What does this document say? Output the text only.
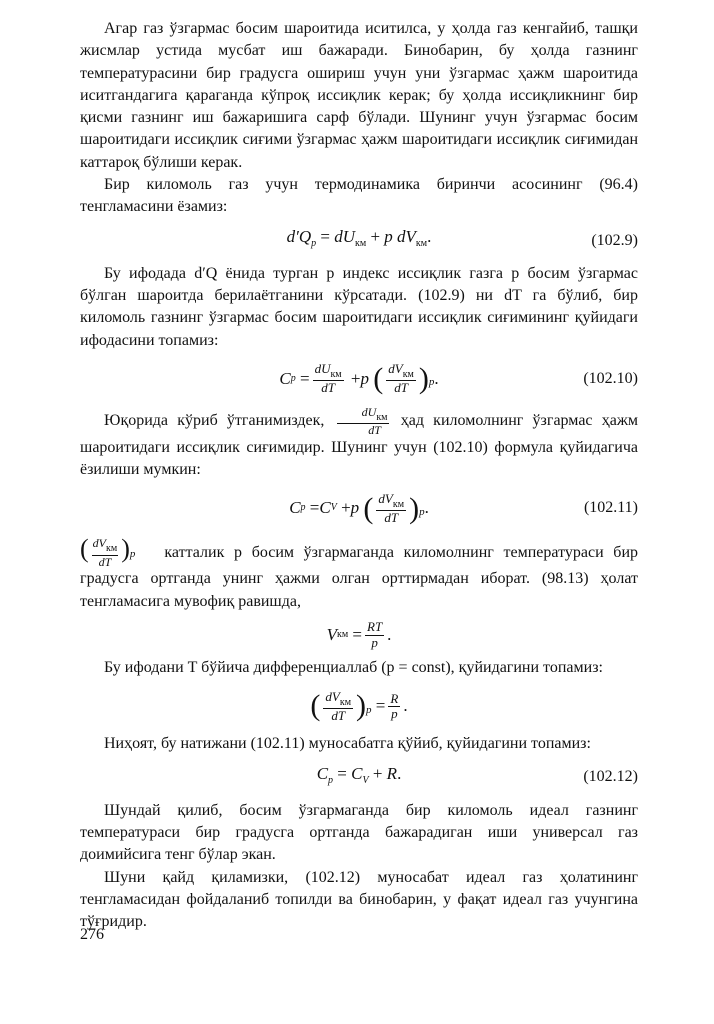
Агар газ ўзгармас босим шароитида иситилса, у ҳолда газ кенгайиб, ташқи жисмлар устида мусбат иш бажаради. Бинобарин, бу ҳолда газнинг температурасини бир градусга ошириш учун уни ўзгармас ҳажм шароитида иситгандагига қараганда кўпроқ иссиқлик керак; бу ҳолда иссиқликнинг бир қисми газнинг иш бажаришига сарф бўлади. Шунинг учун ўзгармас босим шароитидаги иссиқлик сиғими ўзгармас ҳажм шароитидаги иссиқлик сиғимидан каттароқ бўлиши керак.

Бир киломоль газ учун термодинамика биринчи асосининг (96.4) тенгламасини ёзамиз:

$d'Q_p = dU_{км} + p$ $dV_{км}$.	(102.9)

Бу ифодада d′Q ёнида турган p индекс иссиқлик газга p босим ўзгармас бўлган шароитда берилаётганини кўрсатади. (102.9) ни dT га бўлиб, бир киломоль газнинг ўзгармас босим шароитидаги иссиқлик сиғимининг қуйидаги ифодасини топамиз:

C $p = \frac{dU_{км}}{dT} + p$
( $\frac{dV_{км}}{dT}$ ) p .	(102.10)

Юқорида кўриб ўтганимиздек, $\frac{dU_{км}}{dT}$ ҳад киломолнинг ўзгармас ҳажм шароитидаги иссиқлик сиғимидир. Шунинг учун (102.10) формула қуйидагича ёзилиши мумкин:

C p = C V + p
( $\frac{dV_{км}}{dT}$ ) p .	(102.11)

( $\frac{dV_{км}}{dT} )p$ катталик p босим ўзгармаганда киломолнинг температураси бир градусга ортганда унинг ҳажми олган орттирмадан иборат. (98.13) ҳолат тенгламасига мувофиқ равишда,

V км = $\frac{RT}{p}$ .

Бу ифодани T бўйича дифференциаллаб (p = const), қуйидагини топамиз:

( $\frac{dV_{км}}{dT}$ ) $p = \frac{R}{p}$ .

Ниҳоят, бу натижани (102.11) муносабатга қўйиб, қуйидагини топамиз:

$C_p = C_V + R$.	(102.12)

Шундай қилиб, босим ўзгармаганда бир киломоль идеал газнинг температураси бир градусга ортганда бажарадиган иши универсал газ доимийсига тенг бўлар экан.

Шуни қайд қиламизки, (102.12) муносабат идеал газ ҳолатининг тенгламасидан фойдаланиб топилди ва бинобарин, у фақат идеал газ учунгина тўғридир.

276
